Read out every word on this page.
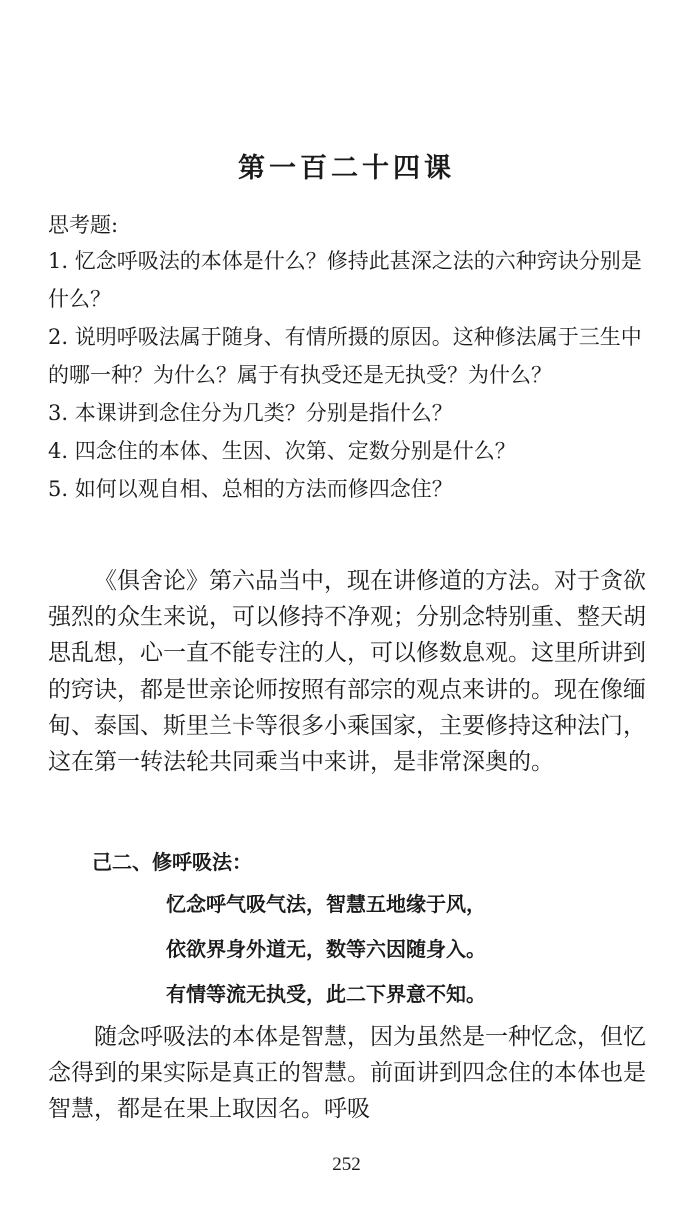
第一百二十四课
思考题:
1. 忆念呼吸法的本体是什么？修持此甚深之法的六种窍诀分别是什么？
2. 说明呼吸法属于随身、有情所摄的原因。这种修法属于三生中的哪一种？为什么？属于有执受还是无执受？为什么？
3. 本课讲到念住分为几类？分别是指什么？
4. 四念住的本体、生因、次第、定数分别是什么？
5. 如何以观自相、总相的方法而修四念住？

《俱舍论》第六品当中，现在讲修道的方法。对于贪欲强烈的众生来说，可以修持不净观；分别念特别重、整天胡思乱想，心一直不能专注的人，可以修数息观。这里所讲到的窍诀，都是世亲论师按照有部宗的观点来讲的。现在像缅甸、泰国、斯里兰卡等很多小乘国家，主要修持这种法门，这在第一转法轮共同乘当中来讲，是非常深奥的。

己二、修呼吸法：
忆念呼气吸气法，智慧五地缘于风，
依欲界身外道无，数等六因随身入。
有情等流无执受，此二下界意不知。

随念呼吸法的本体是智慧，因为虽然是一种忆念，但忆念得到的果实际是真正的智慧。前面讲到四念住的本体也是智慧，都是在果上取因名。呼吸

252
